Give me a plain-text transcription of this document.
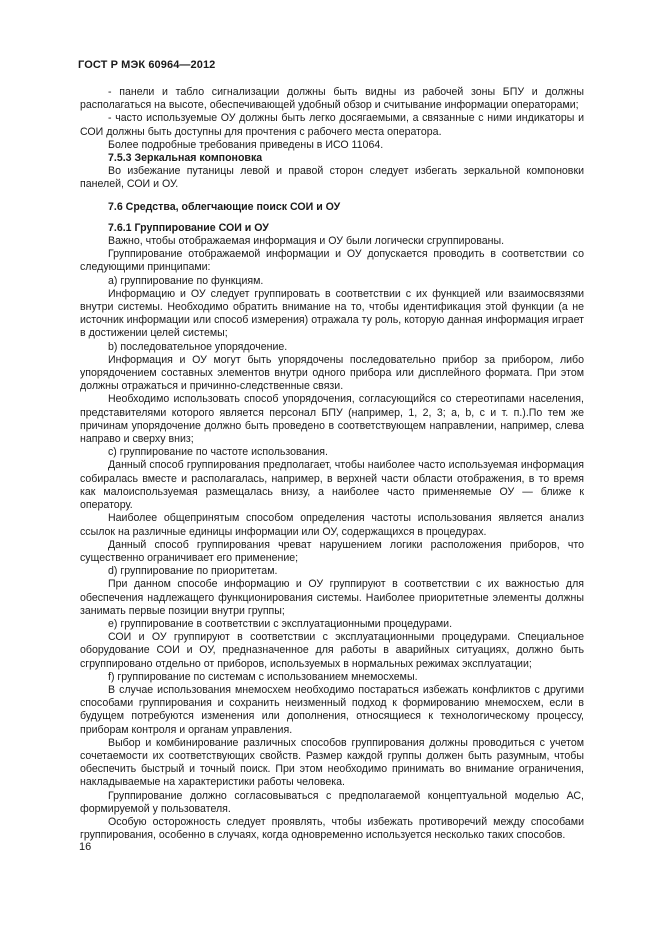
ГОСТ Р МЭК 60964—2012

- панели и табло сигнализации должны быть видны из рабочей зоны БПУ и должны располагаться на высоте, обеспечивающей удобный обзор и считывание информации операторами;

- часто используемые ОУ должны быть легко досягаемыми, а связанные с ними индикаторы и СОИ должны быть доступны для прочтения с рабочего места оператора.

Более подробные требования приведены в ИСО 11064.

7.5.3 Зеркальная компоновка

Во избежание путаницы левой и правой сторон следует избегать зеркальной компоновки панелей, СОИ и ОУ.

7.6 Средства, облегчающие поиск СОИ и ОУ

7.6.1 Группирование СОИ и ОУ

Важно, чтобы отображаемая информация и ОУ были логически сгруппированы.

Группирование отображаемой информации и ОУ допускается проводить в соответствии со следующими принципами:

а) группирование по функциям.

Информацию и ОУ следует группировать в соответствии с их функцией или взаимосвязями внутри системы. Необходимо обратить внимание на то, чтобы идентификация этой функции (а не источник информации или способ измерения) отражала ту роль, которую данная информация играет в достижении целей системы;

b) последовательное упорядочение.

Информация и ОУ могут быть упорядочены последовательно прибор за прибором, либо упорядочением составных элементов внутри одного прибора или дисплейного формата. При этом должны отражаться и причинно-следственные связи.

Необходимо использовать способ упорядочения, согласующийся со стереотипами населения, представителями которого является персонал БПУ (например, 1, 2, 3; а, b, с и т. п.).По тем же причинам упорядочение должно быть проведено в соответствующем направлении, например, слева направо и сверху вниз;

с) группирование по частоте использования.

Данный способ группирования предполагает, чтобы наиболее часто используемая информация собиралась вместе и располагалась, например, в верхней части области отображения, в то время как малоиспользуемая размещалась внизу, а наиболее часто применяемые ОУ — ближе к оператору.

Наиболее общепринятым способом определения частоты использования является анализ ссылок на различные единицы информации или ОУ, содержащихся в процедурах.

Данный способ группирования чреват нарушением логики расположения приборов, что существенно ограничивает его применение;

d) группирование по приоритетам.

При данном способе информацию и ОУ группируют в соответствии с их важностью для обеспечения надлежащего функционирования системы. Наиболее приоритетные элементы должны занимать первые позиции внутри группы;

е) группирование в соответствии с эксплуатационными процедурами.

СОИ и ОУ группируют в соответствии с эксплуатационными процедурами. Специальное оборудование СОИ и ОУ, предназначенное для работы в аварийных ситуациях, должно быть сгруппировано отдельно от приборов, используемых в нормальных режимах эксплуатации;

f) группирование по системам с использованием мнемосхемы.

В случае использования мнемосхем необходимо постараться избежать конфликтов с другими способами группирования и сохранить неизменный подход к формированию мнемосхем, если в будущем потребуются изменения или дополнения, относящиеся к технологическому процессу, приборам контроля и органам управления.

Выбор и комбинирование различных способов группирования должны проводиться с учетом сочетаемости их соответствующих свойств. Размер каждой группы должен быть разумным, чтобы обеспечить быстрый и точный поиск. При этом необходимо принимать во внимание ограничения, накладываемые на характеристики работы человека.

Группирование должно согласовываться с предполагаемой концептуальной моделью АС, формируемой у пользователя.

Особую осторожность следует проявлять, чтобы избежать противоречий между способами группирования, особенно в случаях, когда одновременно используется несколько таких способов.

16
